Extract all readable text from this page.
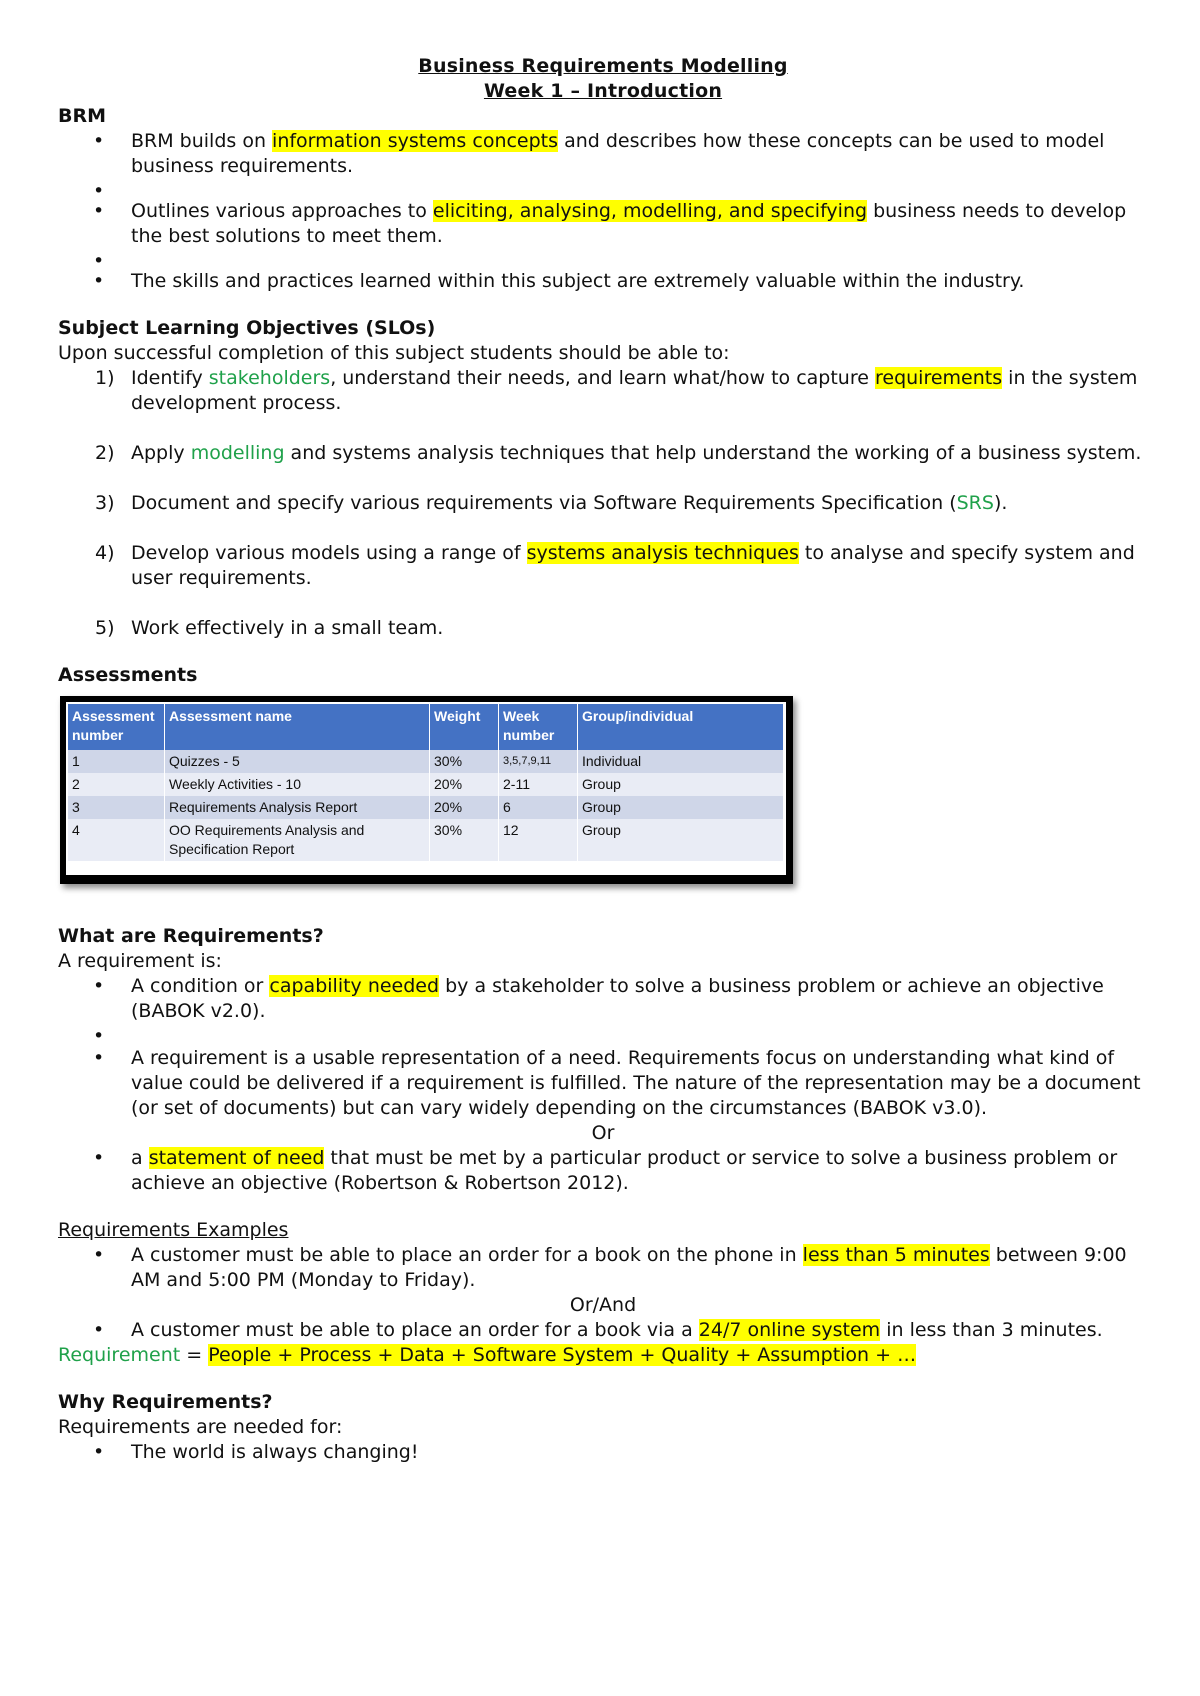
Business Requirements Modelling
Week 1 – Introduction
BRM
• BRM builds on information systems concepts and describes how these concepts can be used to model business requirements.
•
• Outlines various approaches to eliciting, analysing, modelling, and specifying business needs to develop the best solutions to meet them.
•
• The skills and practices learned within this subject are extremely valuable within the industry.
Subject Learning Objectives (SLOs)
Upon successful completion of this subject students should be able to:
1) Identify stakeholders, understand their needs, and learn what/how to capture requirements in the system development process.
2) Apply modelling and systems analysis techniques that help understand the working of a business system.
3) Document and specify various requirements via Software Requirements Specification (SRS).
4) Develop various models using a range of systems analysis techniques to analyse and specify system and user requirements.
5) Work effectively in a small team.
Assessments
Assessment number	Assessment name	Weight	Week number	Group/individual
1	Quizzes - 5	30%	3,5,7,9,11	Individual
2	Weekly Activities - 10	20%	2-11	Group
3	Requirements Analysis Report	20%	6	Group
4	OO Requirements Analysis and Specification Report	30%	12	Group
What are Requirements?
A requirement is:
• A condition or capability needed by a stakeholder to solve a business problem or achieve an objective (BABOK v2.0).
•
• A requirement is a usable representation of a need. Requirements focus on understanding what kind of value could be delivered if a requirement is fulfilled. The nature of the representation may be a document (or set of documents) but can vary widely depending on the circumstances (BABOK v3.0).
Or
• a statement of need that must be met by a particular product or service to solve a business problem or achieve an objective (Robertson & Robertson 2012).
Requirements Examples
• A customer must be able to place an order for a book on the phone in less than 5 minutes between 9:00 AM and 5:00 PM (Monday to Friday).
Or/And
• A customer must be able to place an order for a book via a 24/7 online system in less than 3 minutes.
Requirement = People + Process + Data + Software System + Quality + Assumption + …
Why Requirements?
Requirements are needed for:
• The world is always changing!
